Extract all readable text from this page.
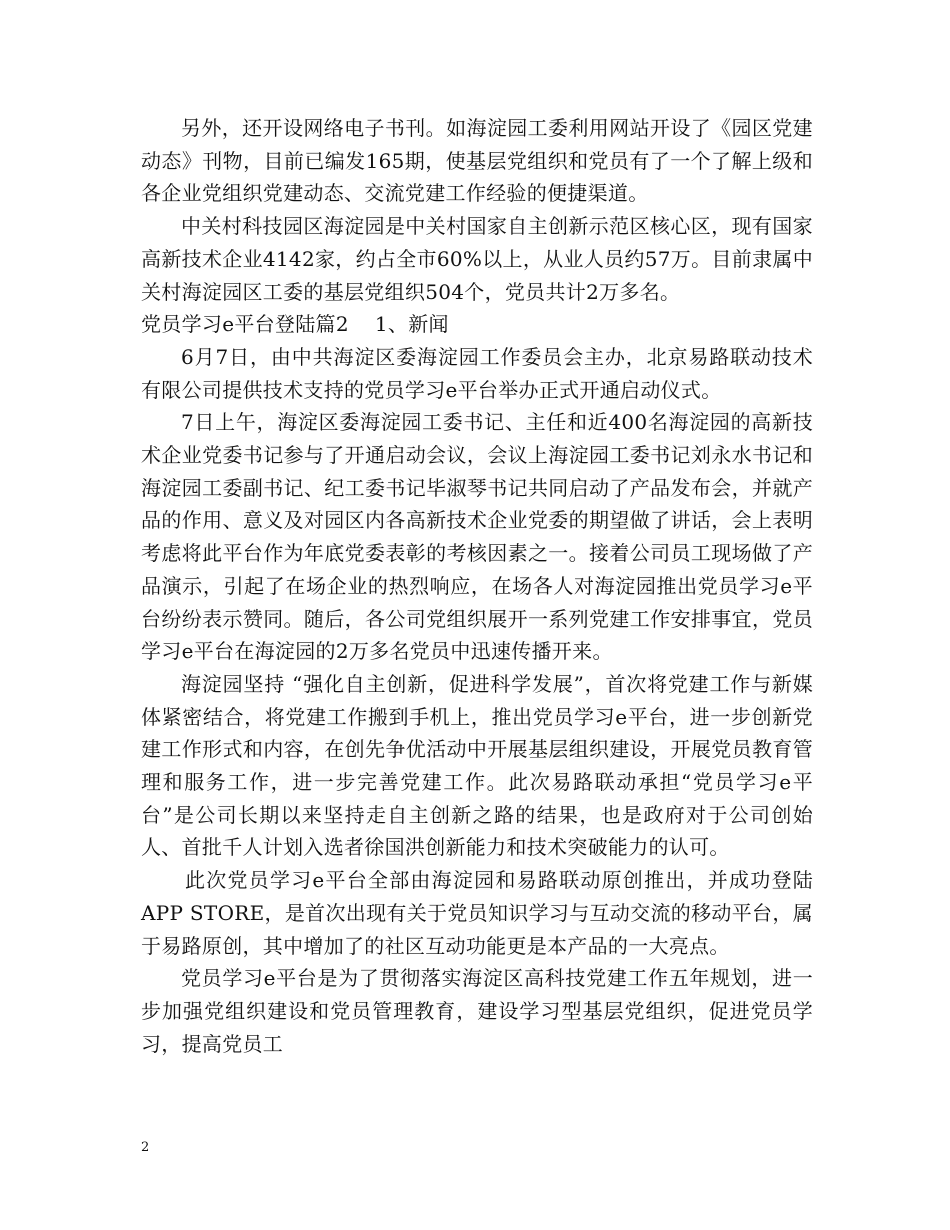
另外，还开设网络电子书刊。如海淀园工委利用网站开设了《园区党建动态》刊物，目前已编发165期，使基层党组织和党员有了一个了解上级和各企业党组织党建动态、交流党建工作经验的便捷渠道。

中关村科技园区海淀园是中关村国家自主创新示范区核心区，现有国家高新技术企业4142家，约占全市60%以上，从业人员约57万。目前隶属中关村海淀园区工委的基层党组织504个，党员共计2万多名。

党员学习e平台登陆篇2 1、新闻

6月7日，由中共海淀区委海淀园工作委员会主办，北京易路联动技术有限公司提供技术支持的党员学习e平台举办正式开通启动仪式。

7日上午，海淀区委海淀园工委书记、主任和近400名海淀园的高新技术企业党委书记参与了开通启动会议，会议上海淀园工委书记刘永水书记和海淀园工委副书记、纪工委书记毕淑琴书记共同启动了产品发布会，并就产品的作用、意义及对园区内各高新技术企业党委的期望做了讲话，会上表明考虑将此平台作为年底党委表彰的考核因素之一。接着公司员工现场做了产品演示，引起了在场企业的热烈响应，在场各人对海淀园推出党员学习e平台纷纷表示赞同。随后，各公司党组织展开一系列党建工作安排事宜，党员学习e平台在海淀园的2万多名党员中迅速传播开来。

海淀园坚持 “强化自主创新，促进科学发展”，首次将党建工作与新媒体紧密结合，将党建工作搬到手机上，推出党员学习e平台，进一步创新党建工作形式和内容，在创先争优活动中开展基层组织建设，开展党员教育管理和服务工作，进一步完善党建工作。此次易路联动承担“党员学习e平台”是公司长期以来坚持走自主创新之路的结果，也是政府对于公司创始人、首批千人计划入选者徐国洪创新能力和技术突破能力的认可。

此次党员学习e平台全部由海淀园和易路联动原创推出，并成功登陆APP STORE，是首次出现有关于党员知识学习与互动交流的移动平台，属于易路原创，其中增加了的社区互动功能更是本产品的一大亮点。

党员学习e平台是为了贯彻落实海淀区高科技党建工作五年规划，进一步加强党组织建设和党员管理教育，建设学习型基层党组织，促进党员学习，提高党员工

2
